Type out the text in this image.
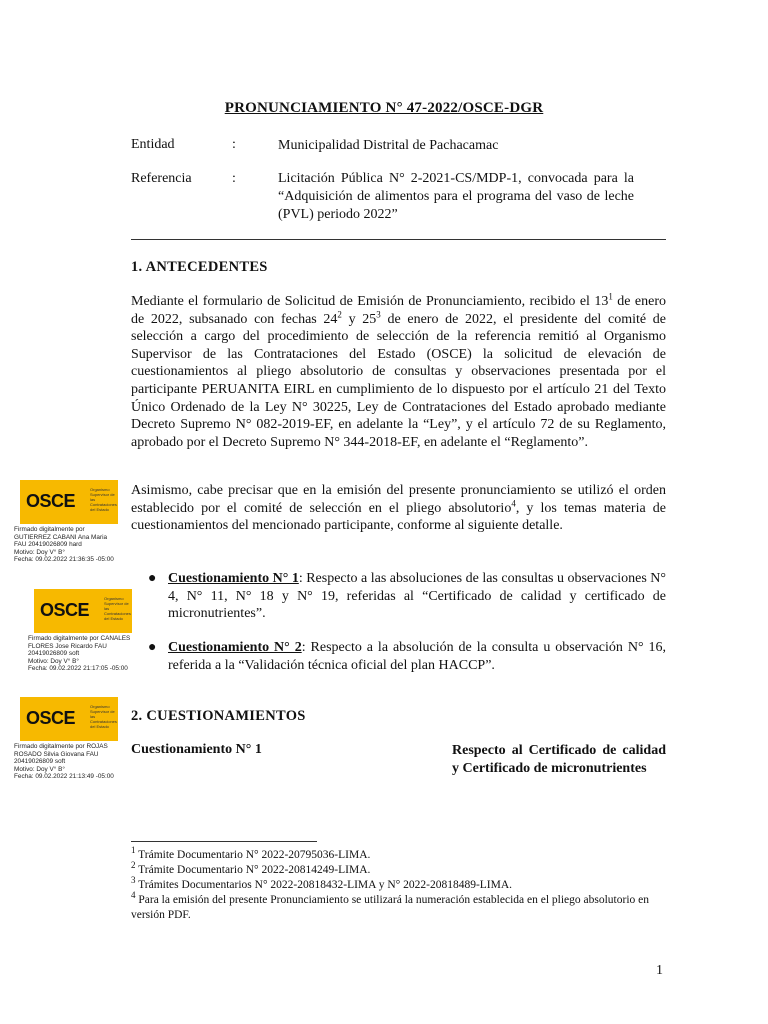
PRONUNCIAMIENTO N° 47-2022/OSCE-DGR
Entidad	:	Municipalidad Distrital de Pachacamac
Referencia	:	Licitación Pública N° 2-2021-CS/MDP-1, convocada para la “Adquisición de alimentos para el programa del vaso de leche (PVL) periodo 2022”
1. ANTECEDENTES
Mediante el formulario de Solicitud de Emisión de Pronunciamiento, recibido el $13^1$ de enero de 2022, subsanado con fechas $24^2$ y $25^3$ de enero de 2022, el presidente del comité de selección a cargo del procedimiento de selección de la referencia remitió al Organismo Supervisor de las Contrataciones del Estado (OSCE) la solicitud de elevación de cuestionamientos al pliego absolutorio de consultas y observaciones presentada por el participante PERUANITA EIRL en cumplimiento de lo dispuesto por el artículo 21 del Texto Único Ordenado de la Ley N° 30225, Ley de Contrataciones del Estado aprobado mediante Decreto Supremo N° 082-2019-EF, en adelante la “Ley”, y el artículo 72 de su Reglamento, aprobado por el Decreto Supremo N° 344-2018-EF, en adelante el “Reglamento”.
Asimismo, cabe precisar que en la emisión del presente pronunciamiento se utilizó el orden establecido por el comité de selección en el pliego absolutorio$^4$, y los temas materia de cuestionamientos del mencionado participante, conforme al siguiente detalle.
● Cuestionamiento N° 1: Respecto a las absoluciones de las consultas u observaciones N° 4, N° 11, N° 18 y N° 19, referidas al “Certificado de calidad y certificado de micronutrientes”.
● Cuestionamiento N° 2: Respecto a la absolución de la consulta u observación N° 16, referida a la “Validación técnica oficial del plan HACCP”.
2. CUESTIONAMIENTOS
Cuestionamiento N° 1	Respecto al Certificado de calidad y Certificado de micronutrientes
$^1$ Trámite Documentario N° 2022-20795036-LIMA.
$^2$ Trámite Documentario N° 2022-20814249-LIMA.
$^3$ Trámites Documentarios N° 2022-20818432-LIMA y N° 2022-20818489-LIMA.
$^4$ Para la emisión del presente Pronunciamiento se utilizará la numeración establecida en el pliego absolutorio en versión PDF.
1
OSCE
Organismo Supervisor de las Contrataciones del Estado
Firmado digitalmente por
GUTIERREZ CABANI Ana Maria
FAU 20419026809 hard
Motivo: Doy V° B°
Fecha: 09.02.2022 21:36:35 -05:00
OSCE
Organismo Supervisor de las Contrataciones del Estado
Firmado digitalmente por CANALES
FLORES Jose Ricardo FAU
20419026809 soft
Motivo: Doy V° B°
Fecha: 09.02.2022 21:17:05 -05:00
OSCE
Organismo Supervisor de las Contrataciones del Estado
Firmado digitalmente por ROJAS
ROSADO Silvia Giovana FAU
20419026809 soft
Motivo: Doy V° B°
Fecha: 09.02.2022 21:13:49 -05:00
